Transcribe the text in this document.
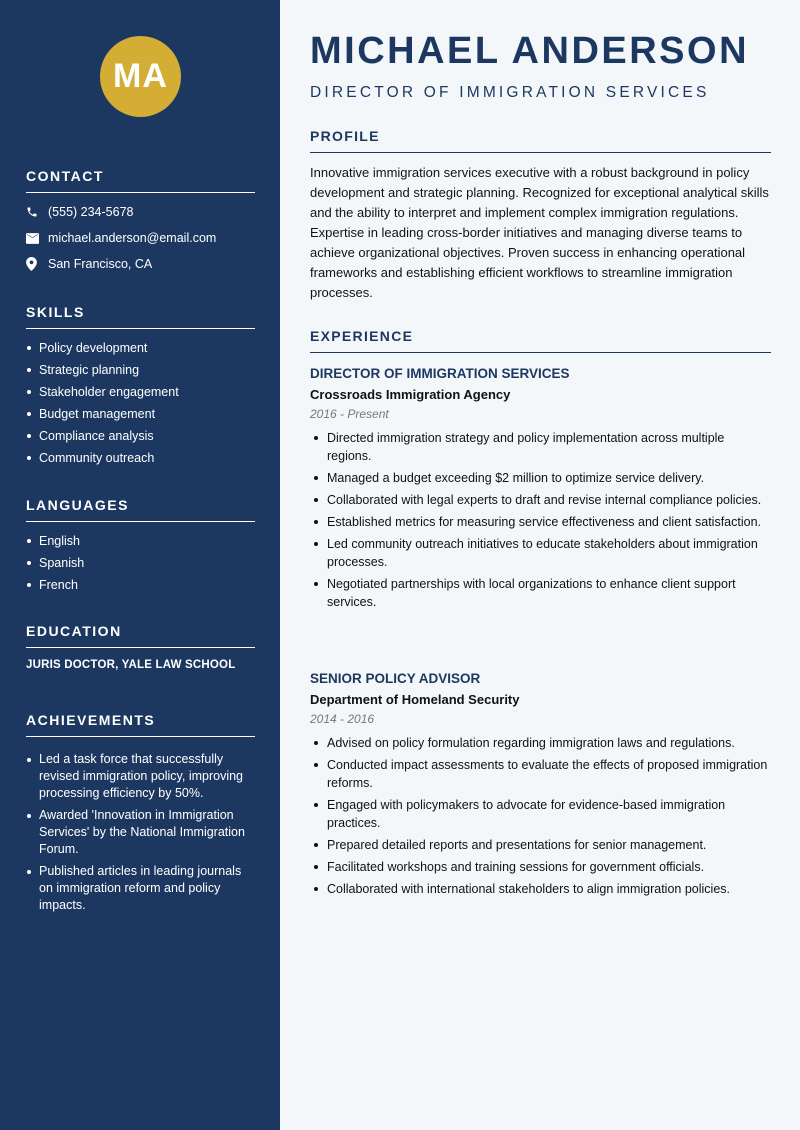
MA
CONTACT
(555) 234-5678
michael.anderson@email.com
San Francisco, CA
SKILLS
Policy development
Strategic planning
Stakeholder engagement
Budget management
Compliance analysis
Community outreach
LANGUAGES
English
Spanish
French
EDUCATION
JURIS DOCTOR, YALE LAW SCHOOL
ACHIEVEMENTS
Led a task force that successfully revised immigration policy, improving processing efficiency by 50%.
Awarded 'Innovation in Immigration Services' by the National Immigration Forum.
Published articles in leading journals on immigration reform and policy impacts.
MICHAEL ANDERSON
DIRECTOR OF IMMIGRATION SERVICES
PROFILE
Innovative immigration services executive with a robust background in policy development and strategic planning. Recognized for exceptional analytical skills and the ability to interpret and implement complex immigration regulations. Expertise in leading cross-border initiatives and managing diverse teams to achieve organizational objectives. Proven success in enhancing operational frameworks and establishing efficient workflows to streamline immigration processes.
EXPERIENCE
DIRECTOR OF IMMIGRATION SERVICES
Crossroads Immigration Agency
2016 - Present
Directed immigration strategy and policy implementation across multiple regions.
Managed a budget exceeding $2 million to optimize service delivery.
Collaborated with legal experts to draft and revise internal compliance policies.
Established metrics for measuring service effectiveness and client satisfaction.
Led community outreach initiatives to educate stakeholders about immigration processes.
Negotiated partnerships with local organizations to enhance client support services.
SENIOR POLICY ADVISOR
Department of Homeland Security
2014 - 2016
Advised on policy formulation regarding immigration laws and regulations.
Conducted impact assessments to evaluate the effects of proposed immigration reforms.
Engaged with policymakers to advocate for evidence-based immigration practices.
Prepared detailed reports and presentations for senior management.
Facilitated workshops and training sessions for government officials.
Collaborated with international stakeholders to align immigration policies.
